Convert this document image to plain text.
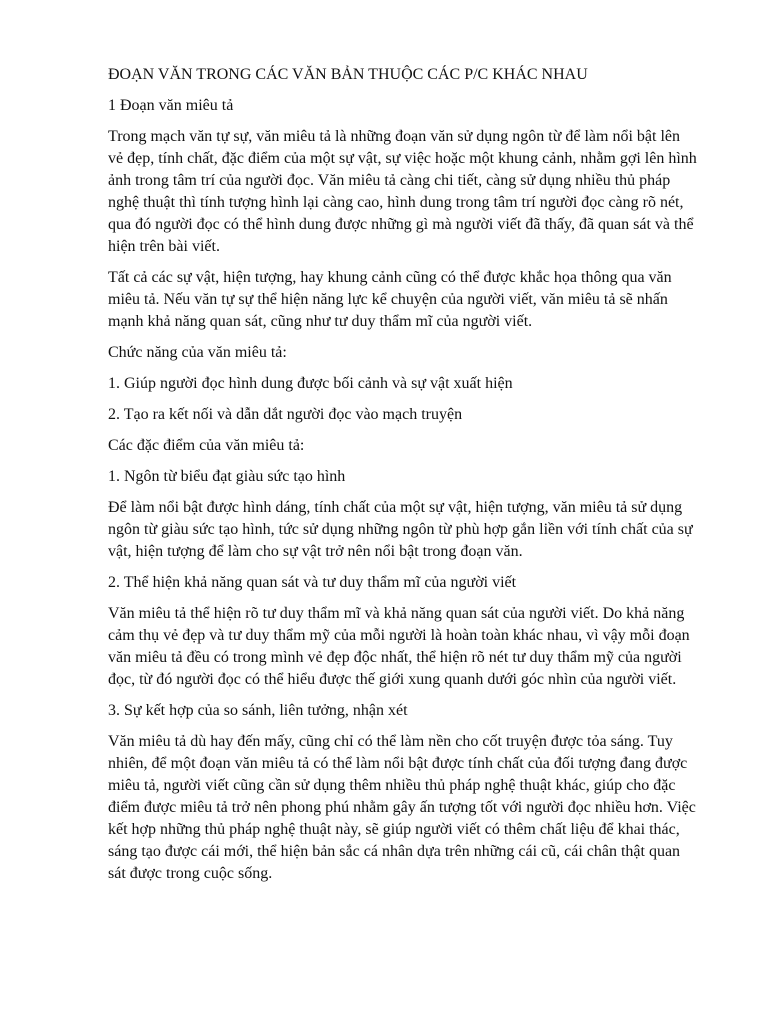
ĐOẠN VĂN TRONG CÁC VĂN BẢN THUỘC CÁC P/C KHÁC NHAU

1 Đoạn văn miêu tả

Trong mạch văn tự sự, văn miêu tả là những đoạn văn sử dụng ngôn từ để làm nổi bật lên vẻ đẹp, tính chất, đặc điểm của một sự vật, sự việc hoặc một khung cảnh, nhằm gợi lên hình ảnh trong tâm trí của người đọc. Văn miêu tả càng chi tiết, càng sử dụng nhiều thủ pháp nghệ thuật thì tính tượng hình lại càng cao, hình dung trong tâm trí người đọc càng rõ nét, qua đó người đọc có thể hình dung được những gì mà người viết đã thấy, đã quan sát và thể hiện trên bài viết.

Tất cả các sự vật, hiện tượng, hay khung cảnh cũng có thể được khắc họa thông qua văn miêu tả. Nếu văn tự sự thể hiện năng lực kể chuyện của người viết, văn miêu tả sẽ nhấn mạnh khả năng quan sát, cũng như tư duy thẩm mĩ của người viết.

Chức năng của văn miêu tả:

1. Giúp người đọc hình dung được bối cảnh và sự vật xuất hiện

2. Tạo ra kết nối và dẫn dắt người đọc vào mạch truyện

Các đặc điểm của văn miêu tả:

1. Ngôn từ biểu đạt giàu sức tạo hình

Để làm nổi bật được hình dáng, tính chất của một sự vật, hiện tượng, văn miêu tả sử dụng ngôn từ giàu sức tạo hình, tức sử dụng những ngôn từ phù hợp gắn liền với tính chất của sự vật, hiện tượng để làm cho sự vật trở nên nổi bật trong đoạn văn.

2. Thể hiện khả năng quan sát và tư duy thẩm mĩ của người viết

Văn miêu tả thể hiện rõ tư duy thẩm mĩ và khả năng quan sát của người viết. Do khả năng cảm thụ vẻ đẹp và tư duy thẩm mỹ của mỗi người là hoàn toàn khác nhau, vì vậy mỗi đoạn văn miêu tả đều có trong mình vẻ đẹp độc nhất, thể hiện rõ nét tư duy thẩm mỹ của người đọc, từ đó người đọc có thể hiểu được thế giới xung quanh dưới góc nhìn của người viết.

3. Sự kết hợp của so sánh, liên tưởng, nhận xét

Văn miêu tả dù hay đến mấy, cũng chỉ có thể làm nền cho cốt truyện được tỏa sáng. Tuy nhiên, để một đoạn văn miêu tả có thể làm nổi bật được tính chất của đối tượng đang được miêu tả, người viết cũng cần sử dụng thêm nhiều thủ pháp nghệ thuật khác, giúp cho đặc điểm được miêu tả trở nên phong phú nhằm gây ấn tượng tốt với người đọc nhiều hơn. Việc kết hợp những thủ pháp nghệ thuật này, sẽ giúp người viết có thêm chất liệu để khai thác, sáng tạo được cái mới, thể hiện bản sắc cá nhân dựa trên những cái cũ, cái chân thật quan sát được trong cuộc sống.
